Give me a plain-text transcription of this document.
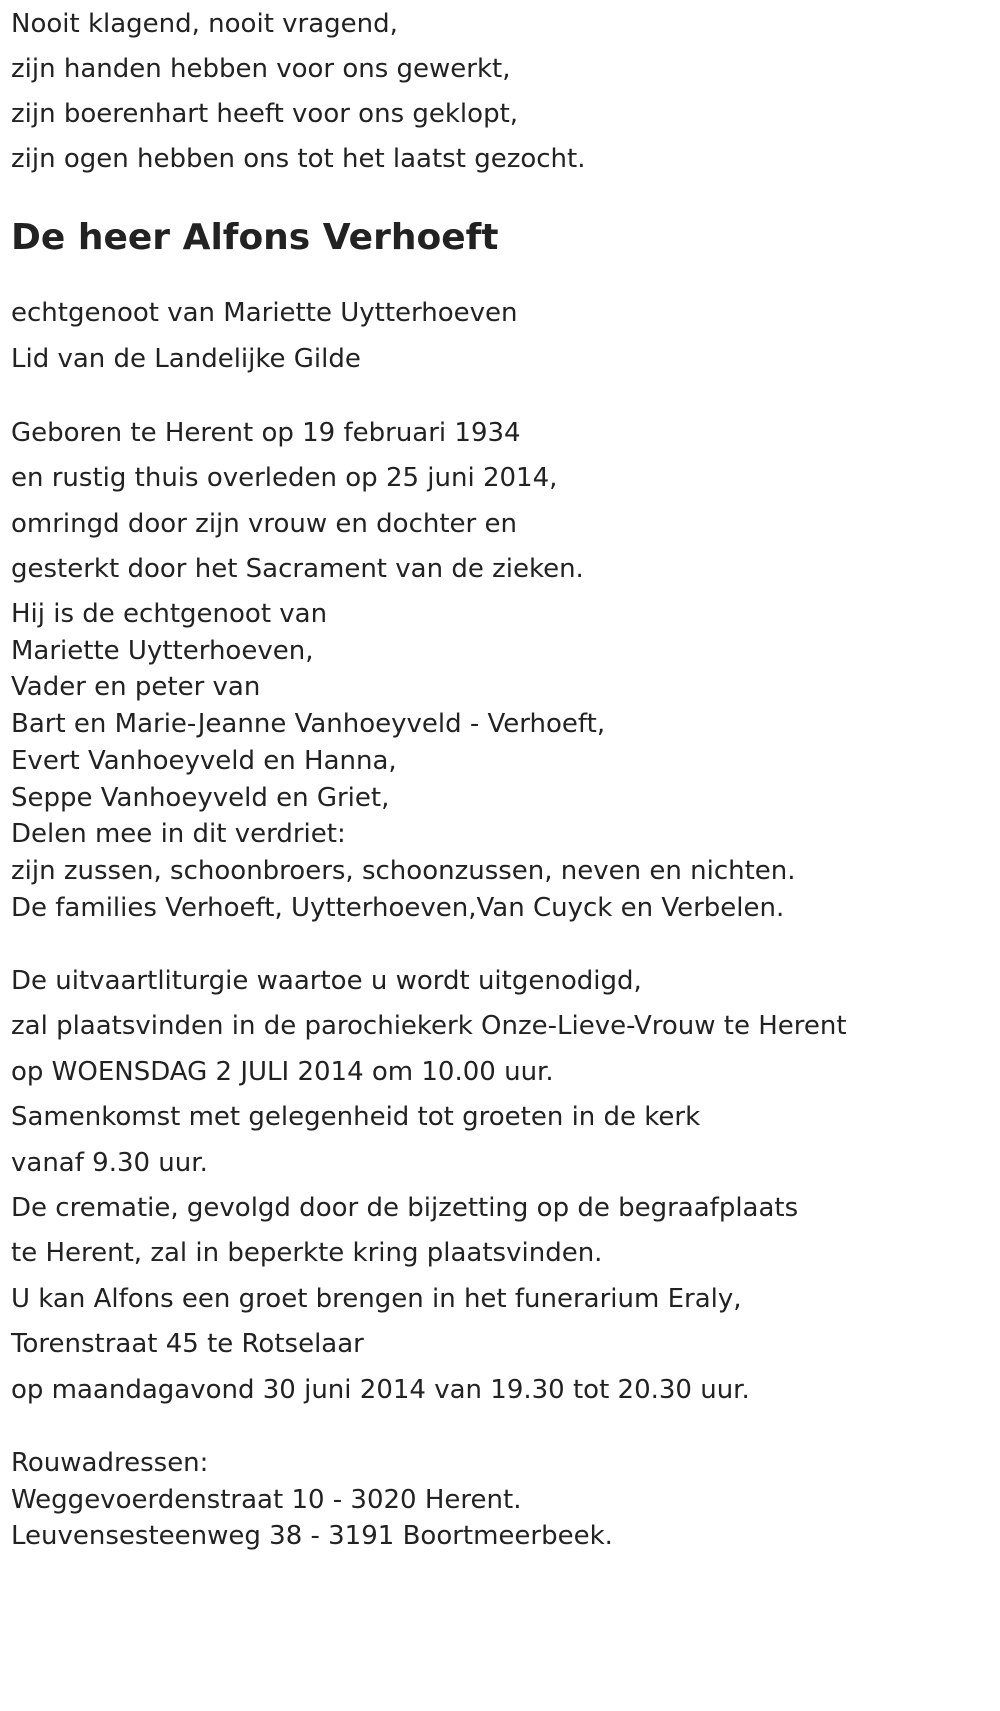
Nooit klagend, nooit vragend,
zijn handen hebben voor ons gewerkt,
zijn boerenhart heeft voor ons geklopt,
zijn ogen hebben ons tot het laatst gezocht.
De heer Alfons Verhoeft
echtgenoot van Mariette Uytterhoeven
Lid van de Landelijke Gilde
Geboren te Herent op 19 februari 1934
en rustig thuis overleden op 25 juni 2014,
omringd door zijn vrouw en dochter en
gesterkt door het Sacrament van de zieken.
Hij is de echtgenoot van
Mariette Uytterhoeven,
Vader en peter van
Bart en Marie-Jeanne Vanhoeyveld - Verhoeft,
Evert Vanhoeyveld en Hanna,
Seppe Vanhoeyveld en Griet,
Delen mee in dit verdriet:
zijn zussen, schoonbroers, schoonzussen, neven en nichten.
De families Verhoeft, Uytterhoeven,Van Cuyck en Verbelen.
De uitvaartliturgie waartoe u wordt uitgenodigd,
zal plaatsvinden in de parochiekerk Onze-Lieve-Vrouw te Herent
op WOENSDAG 2 JULI 2014 om 10.00 uur.
Samenkomst met gelegenheid tot groeten in de kerk
vanaf 9.30 uur.
De crematie, gevolgd door de bijzetting op de begraafplaats
te Herent, zal in beperkte kring plaatsvinden.
U kan Alfons een groet brengen in het funerarium Eraly,
Torenstraat 45 te Rotselaar
op maandagavond 30 juni 2014 van 19.30 tot 20.30 uur.
Rouwadressen:
Weggevoerdenstraat 10 - 3020 Herent.
Leuvensesteenweg 38 - 3191 Boortmeerbeek.
